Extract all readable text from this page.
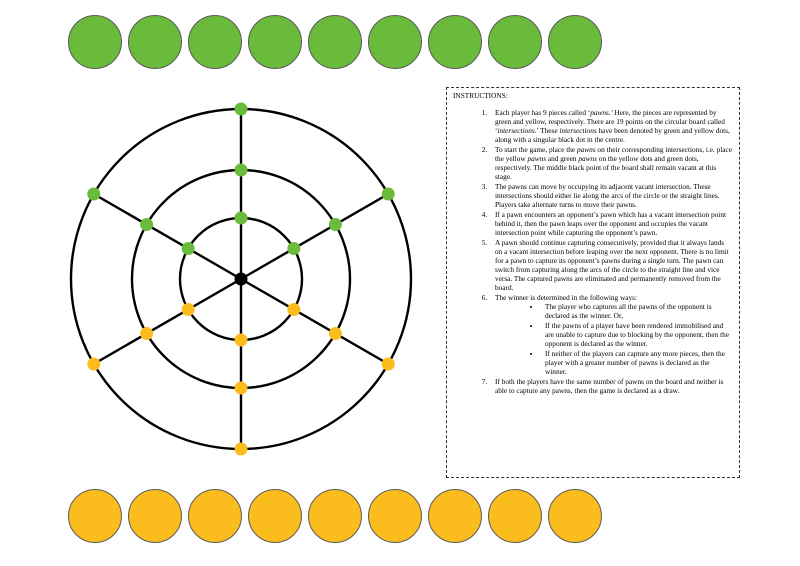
INSTRUCTIONS:
1. Each player has 9 pieces called ‘pawns.’ Here, the pieces are represented by green and yellow, respectively. There are 19 points on the circular board called ‘intersections.’ These intersections have been denoted by green and yellow dots, along with a singular black dot in the centre.
2. To start the game, place the pawns on their corresponding intersections, i.e. place the yellow pawns and green pawns on the yellow dots and green dots, respectively. The middle black point of the board shall remain vacant at this stage.
3. The pawns can move by occupying its adjacent vacant intersection. These intersections should either lie along the arcs of the circle or the straight lines. Players take alternate turns to move their pawns.
4. If a pawn encounters an opponent’s pawn which has a vacant intersection point behind it, then the pawn leaps over the opponent and occupies the vacant intersection point while capturing the opponent’s pawn.
5. A pawn should continue capturing consecutively, provided that it always lands on a vacant intersection before leaping over the next opponent. There is no limit for a pawn to capture its opponent’s pawns during a single turn. The pawn can switch from capturing along the arcs of the circle to the straight line and vice versa. The captured pawns are eliminated and permanently removed from the board.
6. The winner is determined in the following ways:
• The player who captures all the pawns of the opponent is declared as the winner. Or,
• If the pawns of a player have been rendered immobilised and are unable to capture due to blocking by the opponent, then the opponent is declared as the winner.
• If neither of the players can capture any more pieces, then the player with a greater number of pawns is declared as the winner.
7. If both the players have the same number of pawns on the board and neither is able to capture any pawns, then the game is declared as a draw.
